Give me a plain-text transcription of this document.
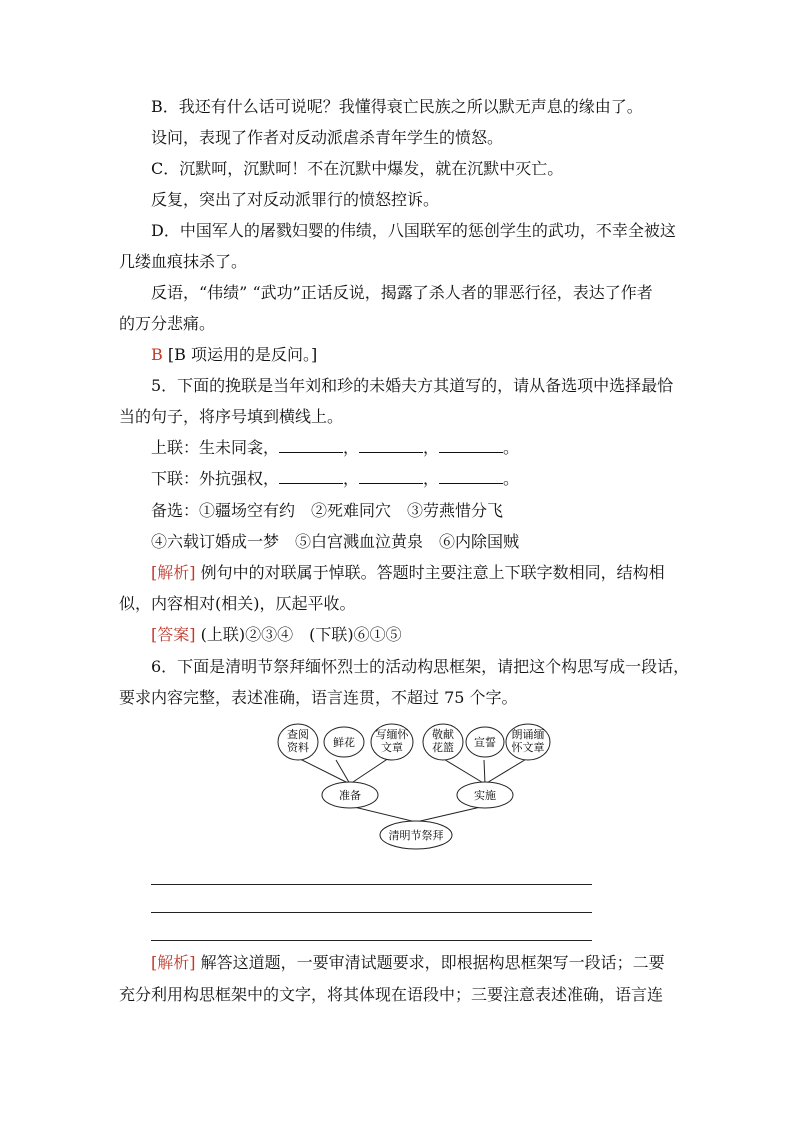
B．我还有什么话可说呢？我懂得衰亡民族之所以默无声息的缘由了。
设问，表现了作者对反动派虐杀青年学生的愤怒。
C．沉默呵，沉默呵！不在沉默中爆发，就在沉默中灭亡。
反复，突出了对反动派罪行的愤怒控诉。
D．中国军人的屠戮妇婴的伟绩，八国联军的惩创学生的武功，不幸全被这
几缕血痕抹杀了。
反语，“伟绩” “武功”正话反说，揭露了杀人者的罪恶行径，表达了作者
的万分悲痛。
B [B 项运用的是反问。]
5．下面的挽联是当年刘和珍的未婚夫方其道写的，请从备选项中选择最恰
当的句子，将序号填到横线上。
上联：生未同衾，	，	，	。
下联：外抗强权，	，	，	。
备选：①疆场空有约　②死难同穴　③劳燕惜分飞
④六载订婚成一梦　⑤白宫溅血泣黄泉　⑥内除国贼
[解析] 例句中的对联属于悼联。答题时主要注意上下联字数相同，结构相
似，内容相对(相关)，仄起平收。
[答案] (上联)②③④　(下联)⑥①⑤
6．下面是清明节祭拜缅怀烈士的活动构思框架，请把这个构思写成一段话，
要求内容完整，表述准确，语言连贯，不超过 75 个字。
查阅
资料 鲜花
写缅怀
文章
敬献
花篮 宣誓
朗诵缅
怀文章
准备	实施
清明节祭拜
[解析] 解答这道题，一要审清试题要求，即根据构思框架写一段话；二要
充分利用构思框架中的文字，将其体现在语段中；三要注意表述准确，语言连
